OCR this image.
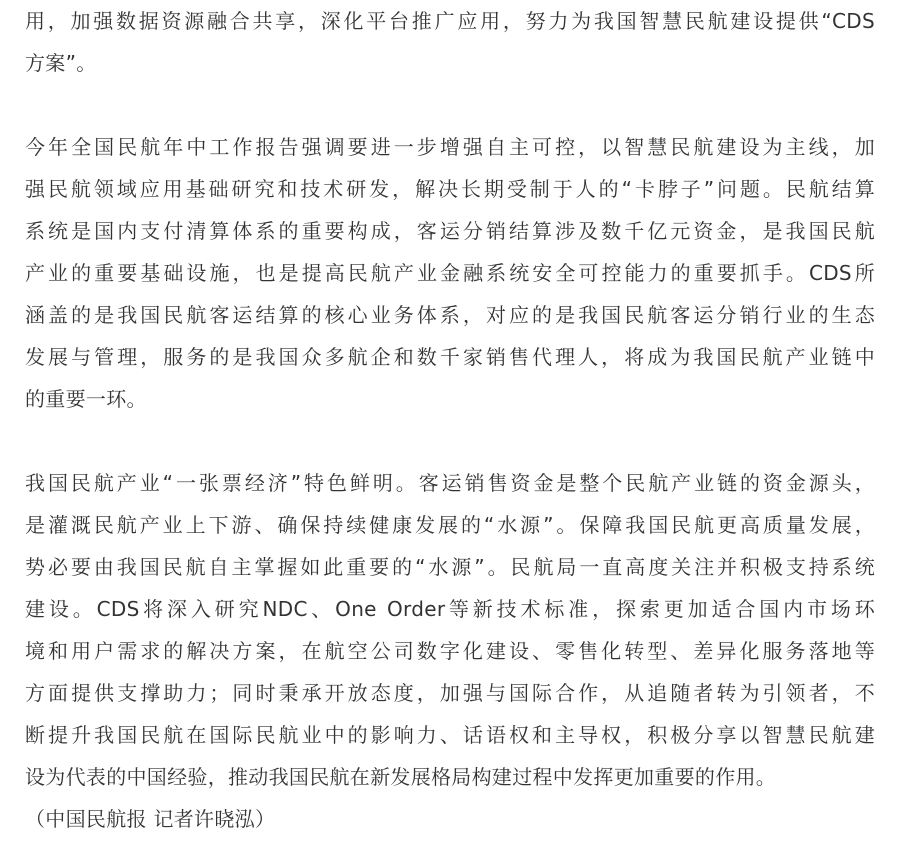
用，加强数据资源融合共享，深化平台推广应用，努力为我国智慧民航建设提供“CDS
方案”。

今年全国民航年中工作报告强调要进一步增强自主可控，以智慧民航建设为主线，加
强民航领域应用基础研究和技术研发，解决长期受制于人的“卡脖子”问题。民航结算
系统是国内支付清算体系的重要构成，客运分销结算涉及数千亿元资金，是我国民航
产业的重要基础设施，也是提高民航产业金融系统安全可控能力的重要抓手。CDS所
涵盖的是我国民航客运结算的核心业务体系，对应的是我国民航客运分销行业的生态
发展与管理，服务的是我国众多航企和数千家销售代理人，将成为我国民航产业链中
的重要一环。

我国民航产业“一张票经济”特色鲜明。客运销售资金是整个民航产业链的资金源头，
是灌溉民航产业上下游、确保持续健康发展的“水源”。保障我国民航更高质量发展，
势必要由我国民航自主掌握如此重要的“水源”。民航局一直高度关注并积极支持系统
建设。CDS将深入研究NDC、One Order等新技术标准，探索更加适合国内市场环
境和用户需求的解决方案，在航空公司数字化建设、零售化转型、差异化服务落地等
方面提供支撑助力；同时秉承开放态度，加强与国际合作，从追随者转为引领者，不
断提升我国民航在国际民航业中的影响力、话语权和主导权，积极分享以智慧民航建
设为代表的中国经验，推动我国民航在新发展格局构建过程中发挥更加重要的作用。
（中国民航报 记者许晓泓）
